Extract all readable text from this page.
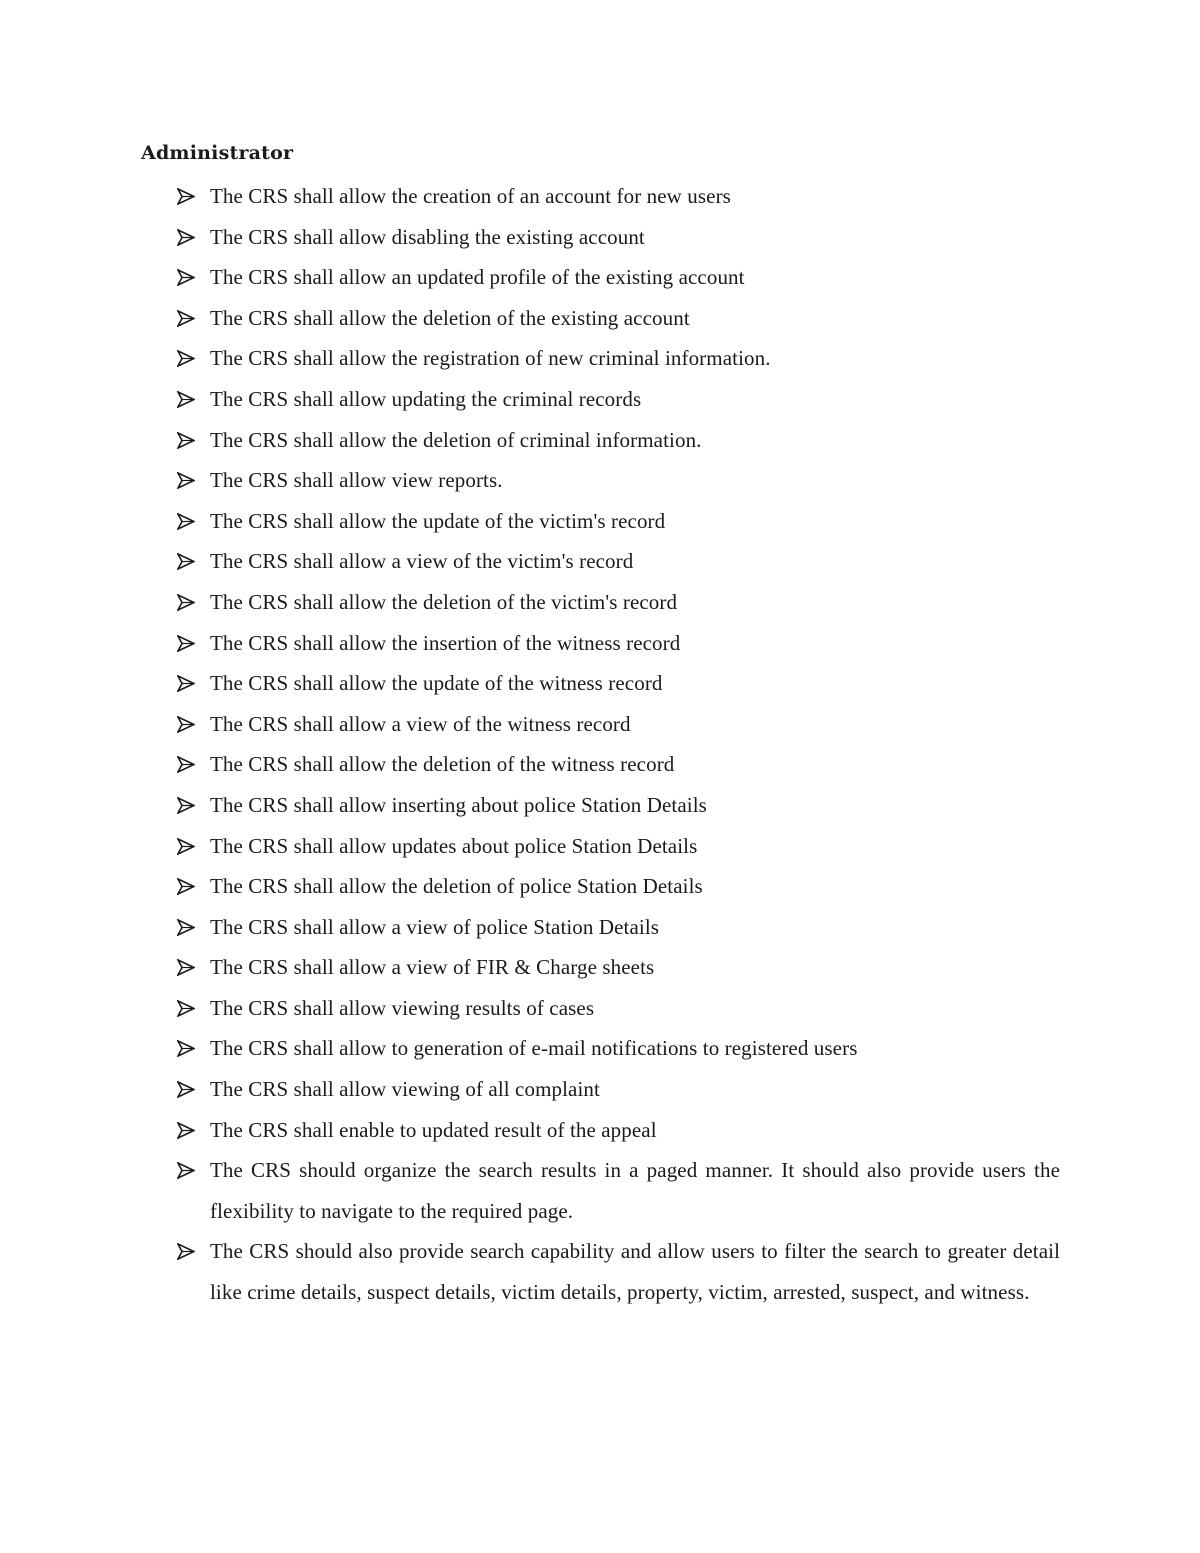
Administrator
The CRS shall allow the creation of an account for new users
The CRS shall allow disabling the existing account
The CRS shall allow an updated profile of the existing account
The CRS shall allow the deletion of the existing account
The CRS shall allow the registration of new criminal information.
The CRS shall allow updating the criminal records
The CRS shall allow the deletion of criminal information.
The CRS shall allow view reports.
The CRS shall allow the update of the victim's record
The CRS shall allow a view of the victim's record
The CRS shall allow the deletion of the victim's record
The CRS shall allow the insertion of the witness record
The CRS shall allow the update of the witness record
The CRS shall allow a view of the witness record
The CRS shall allow the deletion of the witness record
The CRS shall allow inserting about police Station Details
The CRS shall allow updates about police Station Details
The CRS shall allow the deletion of police Station Details
The CRS shall allow a view of police Station Details
The CRS shall allow a view of FIR & Charge sheets
The CRS shall allow viewing results of cases
The CRS shall allow to generation of e-mail notifications to registered users
The CRS shall allow viewing of all complaint
The CRS shall enable to updated result of the appeal
The CRS should organize the search results in a paged manner. It should also provide users the flexibility to navigate to the required page.
The CRS should also provide search capability and allow users to filter the search to greater detail like crime details, suspect details, victim details, property, victim, arrested, suspect, and witness.
